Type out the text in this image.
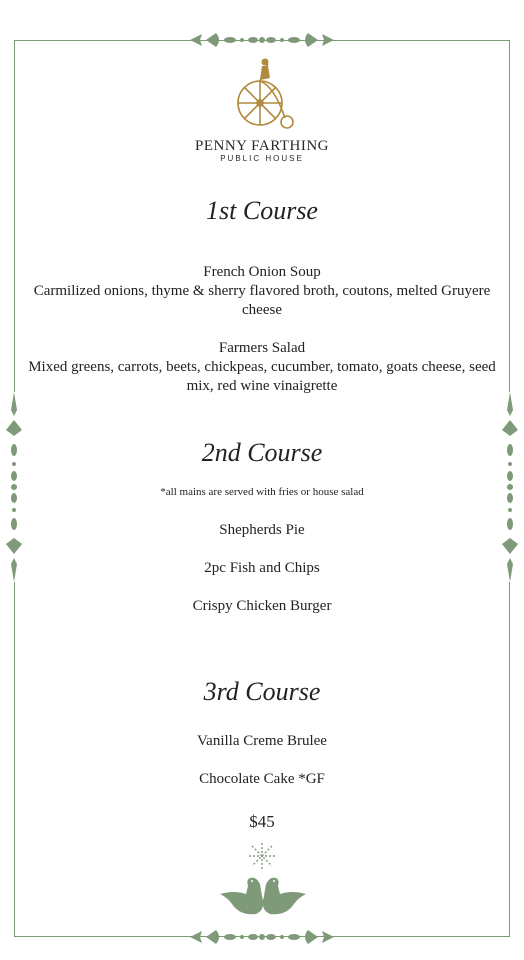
PENNY FARTHING
PUBLIC HOUSE
1st Course
French Onion Soup
Carmilized onions, thyme & sherry flavored broth, coutons, melted Gruyere cheese
Farmers Salad
Mixed greens, carrots, beets, chickpeas, cucumber, tomato, goats cheese, seed mix, red wine vinaigrette
2nd Course
*all mains are served with fries or house salad
Shepherds Pie
2pc Fish and Chips
Crispy Chicken Burger
3rd Course
Vanilla Creme Brulee
Chocolate Cake *GF
$45
